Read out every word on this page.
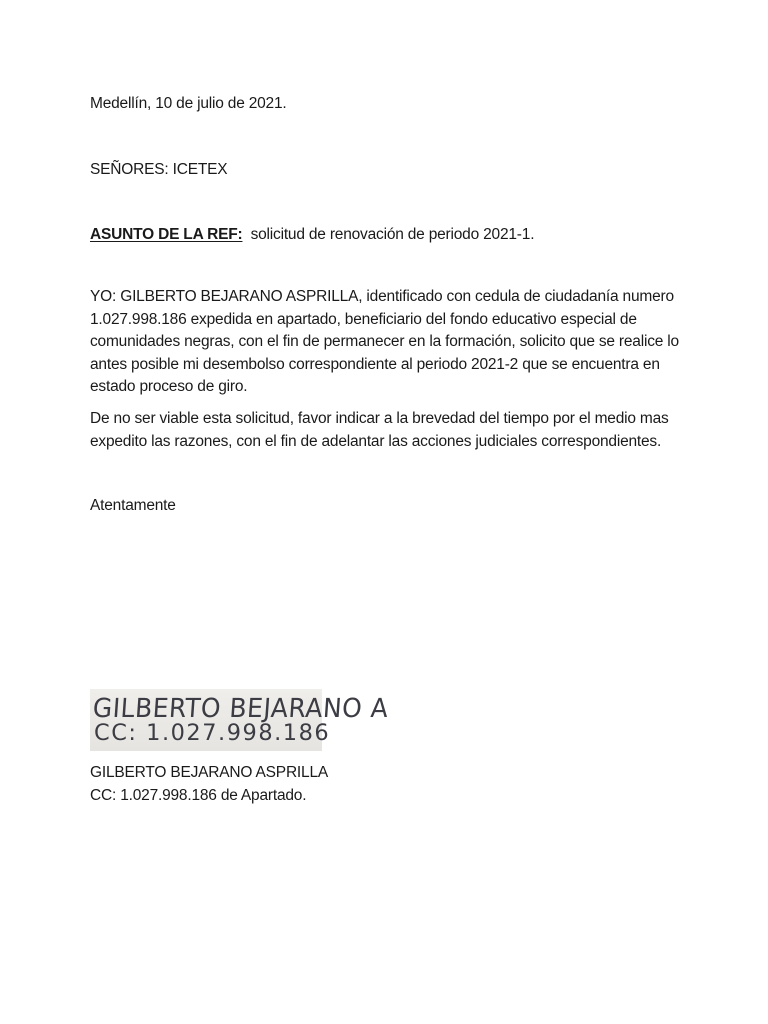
Medellín, 10 de julio de 2021.
SEÑORES: ICETEX
ASUNTO DE LA REF: solicitud de renovación de periodo 2021-1.
YO: GILBERTO BEJARANO ASPRILLA, identificado con cedula de ciudadanía numero
1.027.998.186 expedida en apartado, beneficiario del fondo educativo especial de
comunidades negras, con el fin de permanecer en la formación, solicito que se realice lo
antes posible mi desembolso correspondiente al periodo 2021-2 que se encuentra en
estado proceso de giro.
De no ser viable esta solicitud, favor indicar a la brevedad del tiempo por el medio mas
expedito las razones, con el fin de adelantar las acciones judiciales correspondientes.
Atentamente
GILBERTO BEJARANO A
CC: 1.027.998.186
GILBERTO BEJARANO ASPRILLA
CC: 1.027.998.186 de Apartado.
